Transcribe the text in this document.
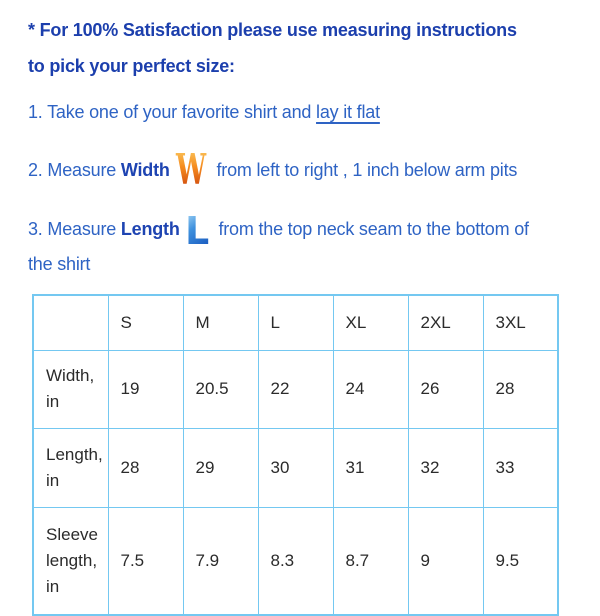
* For 100% Satisfaction please use measuring instructions
to pick your perfect size:
1. Take one of your favorite shirt and lay it flat
2. Measure Width W from left to right , 1 inch below arm pits
3. Measure Length L from the top neck seam to the bottom of
the shirt
	S	M	L	XL	2XL	3XL
Width, in	19	20.5	22	24	26	28
Length, in	28	29	30	31	32	33
Sleeve length, in	7.5	7.9	8.3	8.7	9	9.5
